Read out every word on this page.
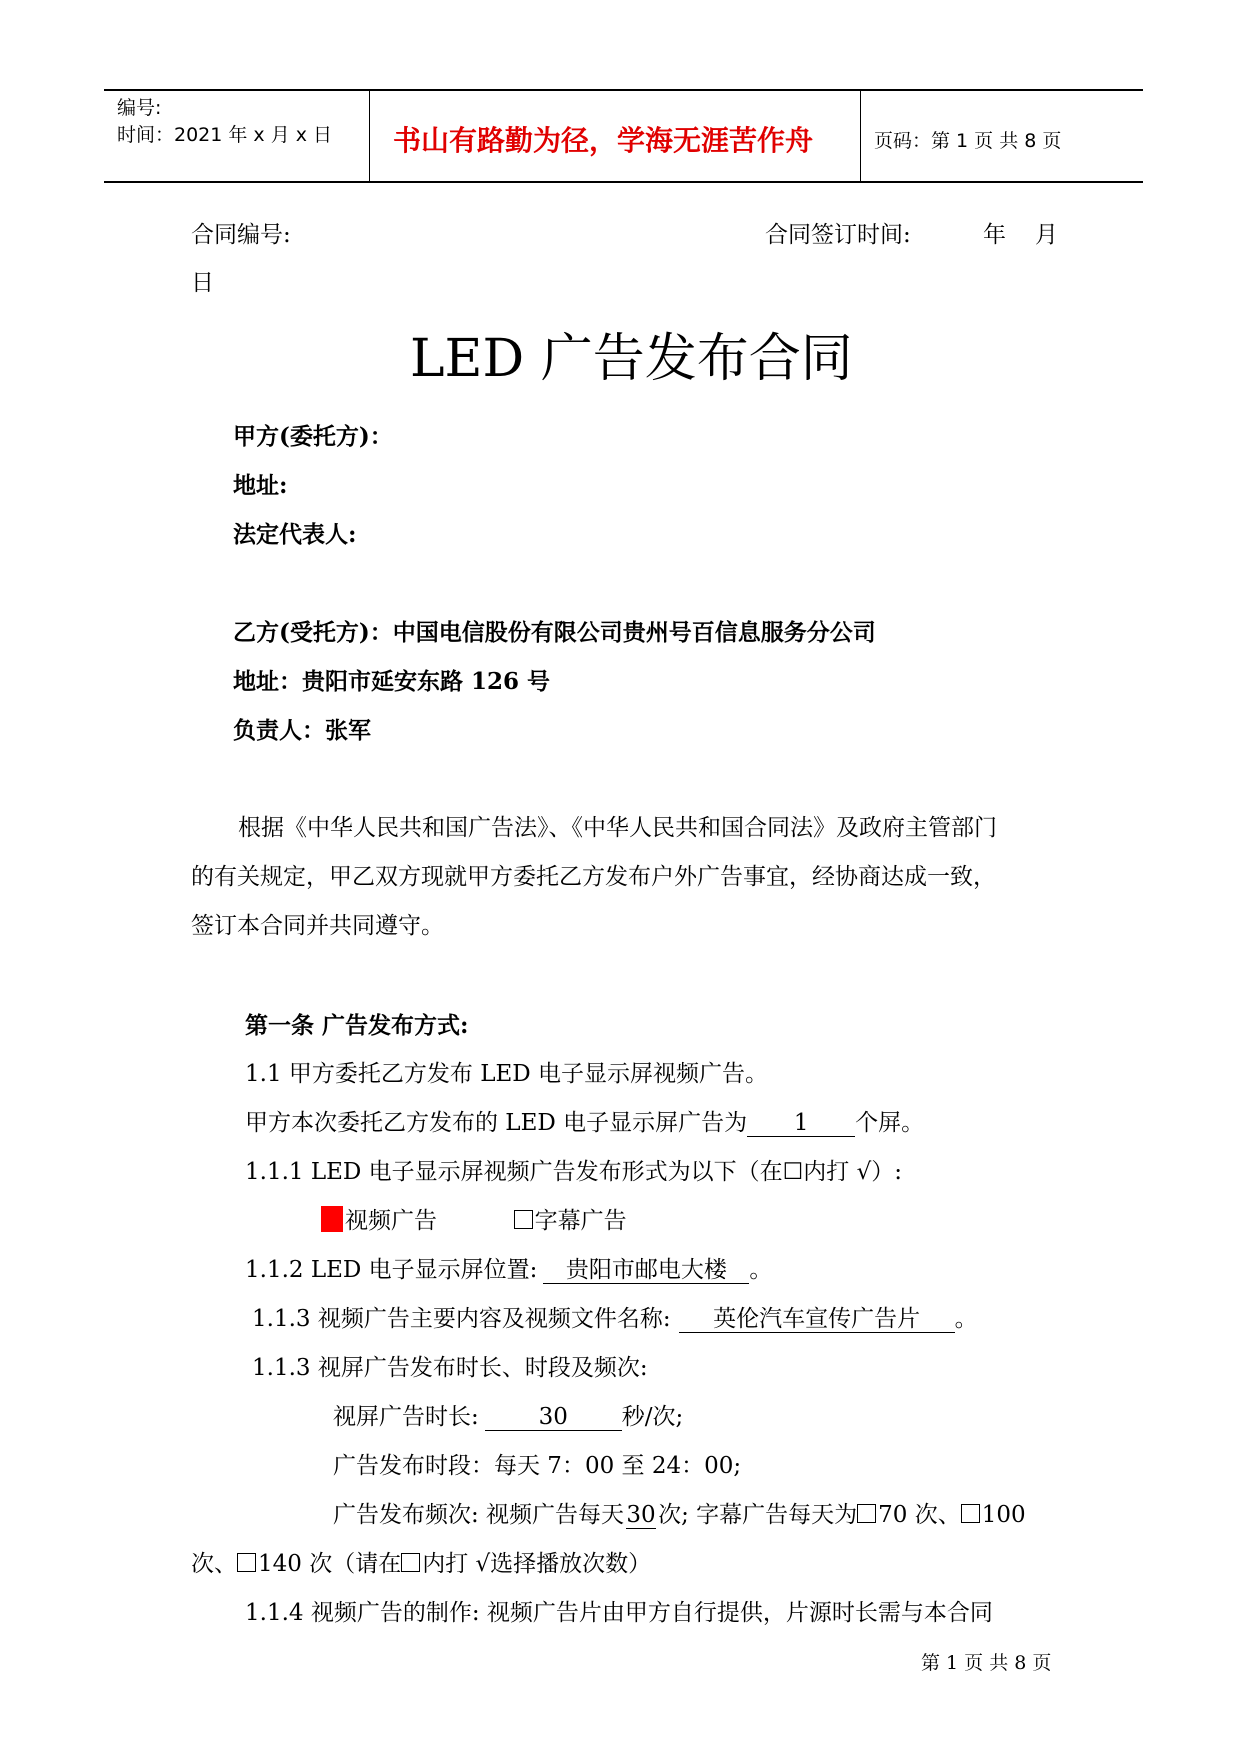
编号:
时间：2021 年 x 月 x 日 书山有路勤为径，学海无涯苦作舟	页码：第 1 页 共 8 页
合同编号:	合同签订时间:	年 月
日
LED 广告发布合同
甲方(委托方)：
地址:
法定代表人:
乙方(受托方)：中国电信股份有限公司贵州号百信息服务分公司
地址：贵阳市延安东路 126 号
负责人：张军
根据《中华人民共和国广告法》、《中华人民共和国合同法》及政府主管部门
的有关规定，甲乙双方现就甲方委托乙方发布户外广告事宜，经协商达成一致，
签订本合同并共同遵守。
第一条 广告发布方式:
1.1 甲方委托乙方发布 LED 电子显示屏视频广告。
甲方本次委托乙方发布的 LED 电子显示屏广告为 1 个屏。
1.1.1 LED 电子显示屏视频广告发布形式为以下（在☐内打 √）:
视频广告	字幕广告
1.1.2 LED 电子显示屏位置: 贵阳市邮电大楼 。
1.1.3 视频广告主要内容及视频文件名称: 英伦汽车宣传广告片 。
1.1.3 视屏广告发布时长、时段及频次:
视屏广告时长:	30 秒/次;
广告发布时段：每天 7：00 至 24：00;
广告发布频次: 视频广告每天 30 次; 字幕广告每天为 70 次、 100
次、 140 次（请在 内打 √选择播放次数）
1.1.4 视频广告的制作: 视频广告片由甲方自行提供，片源时长需与本合同
第 1 页 共 8 页
